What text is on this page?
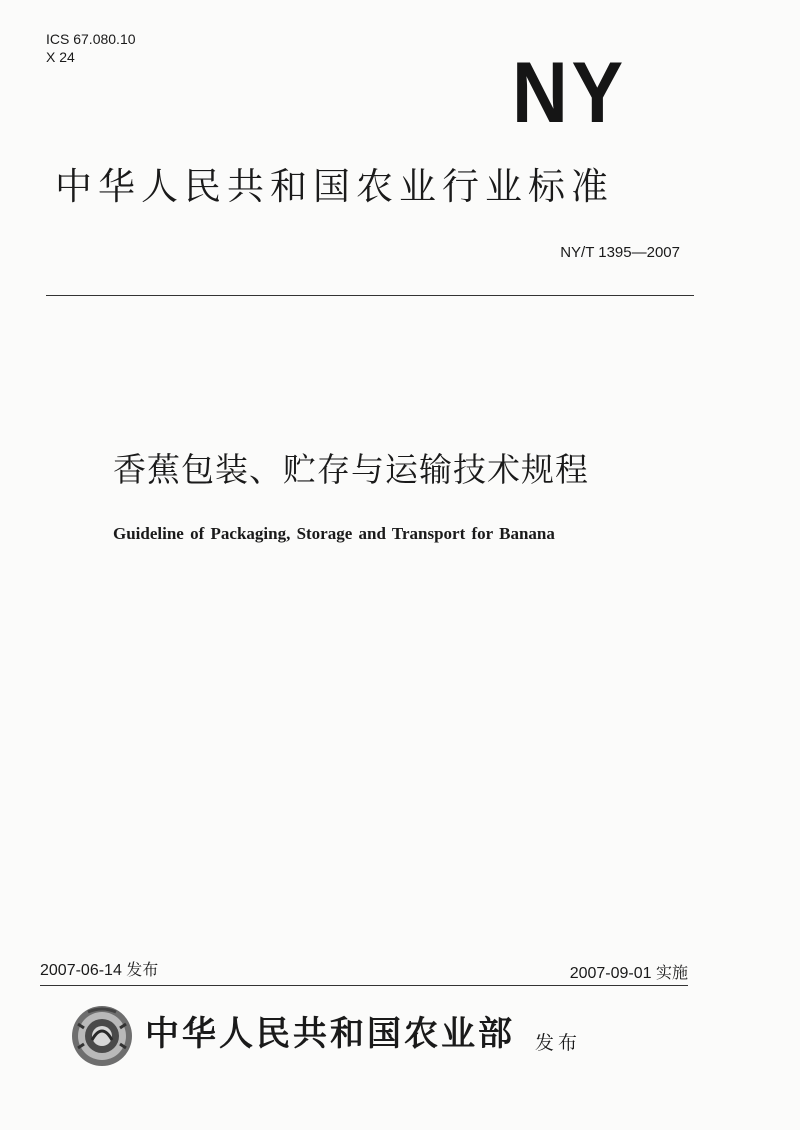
ICS 67.080.10
X 24	NY
中华人民共和国农业行业标准
NY/T 1395—2007
香蕉包装、贮存与运输技术规程
Guideline of Packaging, Storage and Transport for Banana
2007-06-14 发布	2007-09-01 实施
中华人民共和国农业部 发布
